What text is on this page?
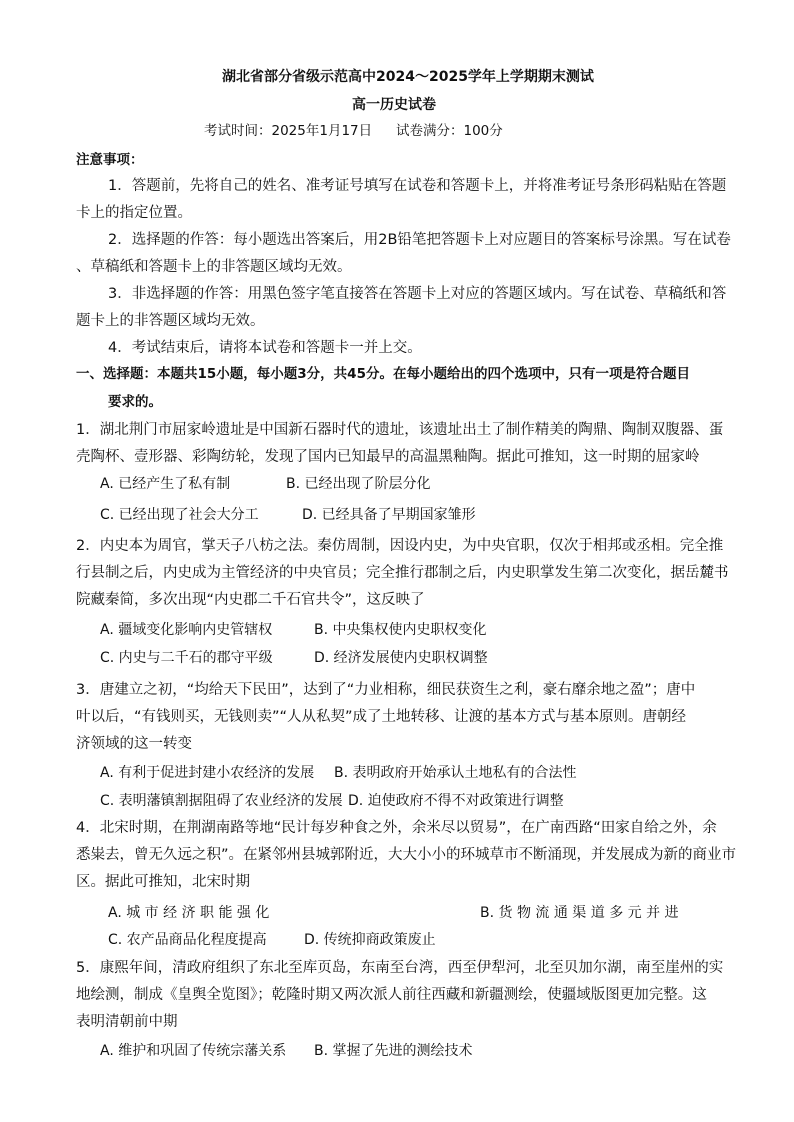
湖北省部分省级示范高中2024～2025学年上学期期末测试
高一历史试卷
考试时间：2025年1月17日 试卷满分：100分
注意事项：
1．答题前，先将自己的姓名、准考证号填写在试卷和答题卡上，并将准考证号条形码粘贴在答题
卡上的指定位置。
2．选择题的作答：每小题选出答案后，用2B铅笔把答题卡上对应题目的答案标号涂黑。写在试卷
、草稿纸和答题卡上的非答题区域均无效。
3．非选择题的作答：用黑色签字笔直接答在答题卡上对应的答题区域内。写在试卷、草稿纸和答
题卡上的非答题区域均无效。
4．考试结束后，请将本试卷和答题卡一并上交。
一、选择题：本题共15小题，每小题3分，共45分。在每小题给出的四个选项中，只有一项是符合题目
要求的。
1．湖北荆门市屈家岭遗址是中国新石器时代的遗址，该遗址出土了制作精美的陶鼎、陶制双腹器、蛋
壳陶杯、壹形器、彩陶纺轮，发现了国内已知最早的高温黑釉陶。据此可推知，这一时期的屈家岭
A. 已经产生了私有制	B. 已经出现了阶层分化
C. 已经出现了社会大分工	D. 已经具备了早期国家雏形
2．内史本为周官，掌天子八枋之法。秦仿周制，因设内史，为中央官职，仅次于相邦或丞相。完全推
行县制之后，内史成为主管经济的中央官员；完全推行郡制之后，内史职掌发生第二次变化，据岳麓书
院藏秦简，多次出现“内史郡二千石官共令”，这反映了
A. 疆域变化影响内史管辖权	B. 中央集权使内史职权变化
C. 内史与二千石的郡守平级	D. 经济发展使内史职权调整
3．唐建立之初，“均给天下民田”，达到了“力业相称，细民获资生之利，豪右靡余地之盈”；唐中
叶以后，“有钱则买，无钱则卖”“人从私契”成了土地转移、让渡的基本方式与基本原则。唐朝经
济领域的这一转变
A. 有利于促进封建小农经济的发展 B. 表明政府开始承认土地私有的合法性
C. 表明藩镇割据阻碍了农业经济的发展 D. 迫使政府不得不对政策进行调整
4．北宋时期，在荆湖南路等地“民计每岁种食之外，余米尽以贸易”，在广南西路“田家自给之外，余
悉粜去，曾无久远之积”。在紧邻州县城郭附近，大大小小的环城草市不断涌现，并发展成为新的商业市
区。据此可推知，北宋时期
A. 城 市 经 济 职 能 强 化	B. 货 物 流 通 渠 道 多 元 并 进
C. 农产品商品化程度提高	D. 传统抑商政策废止
5．康熙年间，清政府组织了东北至库页岛，东南至台湾，西至伊犁河，北至贝加尔湖，南至崖州的实
地绘测，制成《皇舆全览图》；乾隆时期又两次派人前往西藏和新疆测绘，使疆域版图更加完整。这
表明清朝前中期
A. 维护和巩固了传统宗藩关系 B. 掌握了先进的测绘技术
